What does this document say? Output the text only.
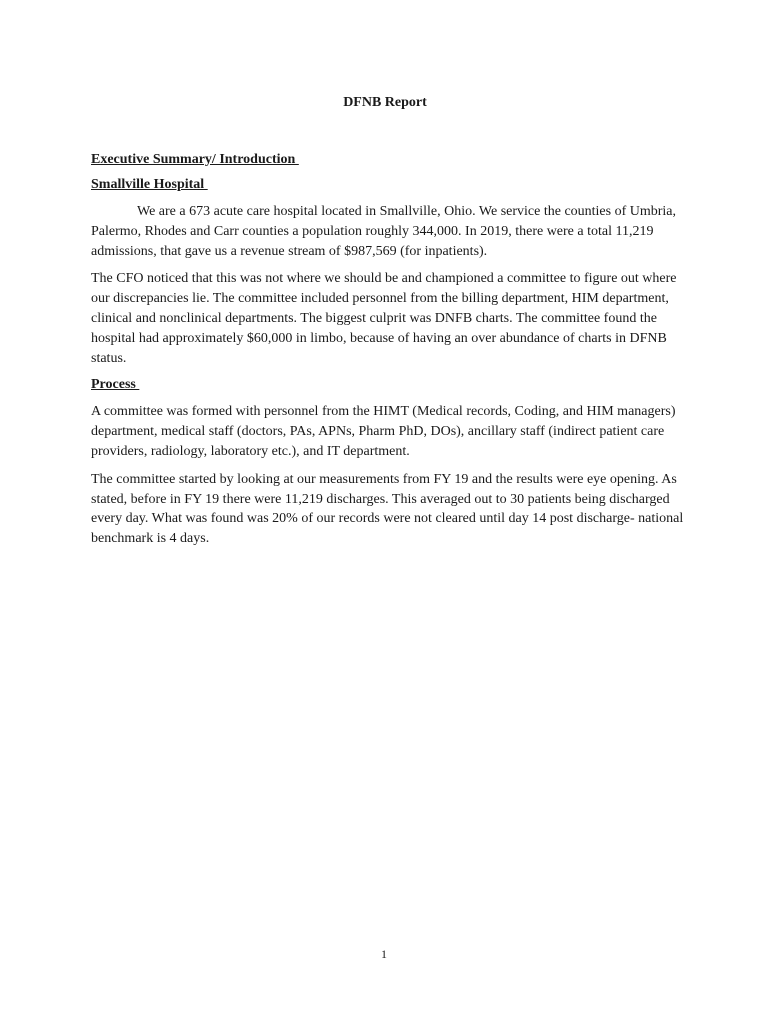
DFNB Report
Executive Summary/ Introduction
Smallville Hospital

We are a 673 acute care hospital located in Smallville, Ohio. We service the counties of Umbria, Palermo, Rhodes and Carr counties a population roughly 344,000. In 2019, there were a total 11,219 admissions, that gave us a revenue stream of $987,569 (for inpatients).

The CFO noticed that this was not where we should be and championed a committee to figure out where our discrepancies lie. The committee included personnel from the billing department, HIM department, clinical and nonclinical departments. The biggest culprit was DNFB charts. The committee found the hospital had approximately $60,000 in limbo, because of having an over abundance of charts in DFNB status.

Process

A committee was formed with personnel from the HIMT (Medical records, Coding, and HIM managers) department, medical staff (doctors, PAs, APNs, Pharm PhD, DOs), ancillary staff (indirect patient care providers, radiology, laboratory etc.), and IT department.

The committee started by looking at our measurements from FY 19 and the results were eye opening. As stated, before in FY 19 there were 11,219 discharges. This averaged out to 30 patients being discharged every day. What was found was 20% of our records were not cleared until day 14 post discharge- national benchmark is 4 days.

1
